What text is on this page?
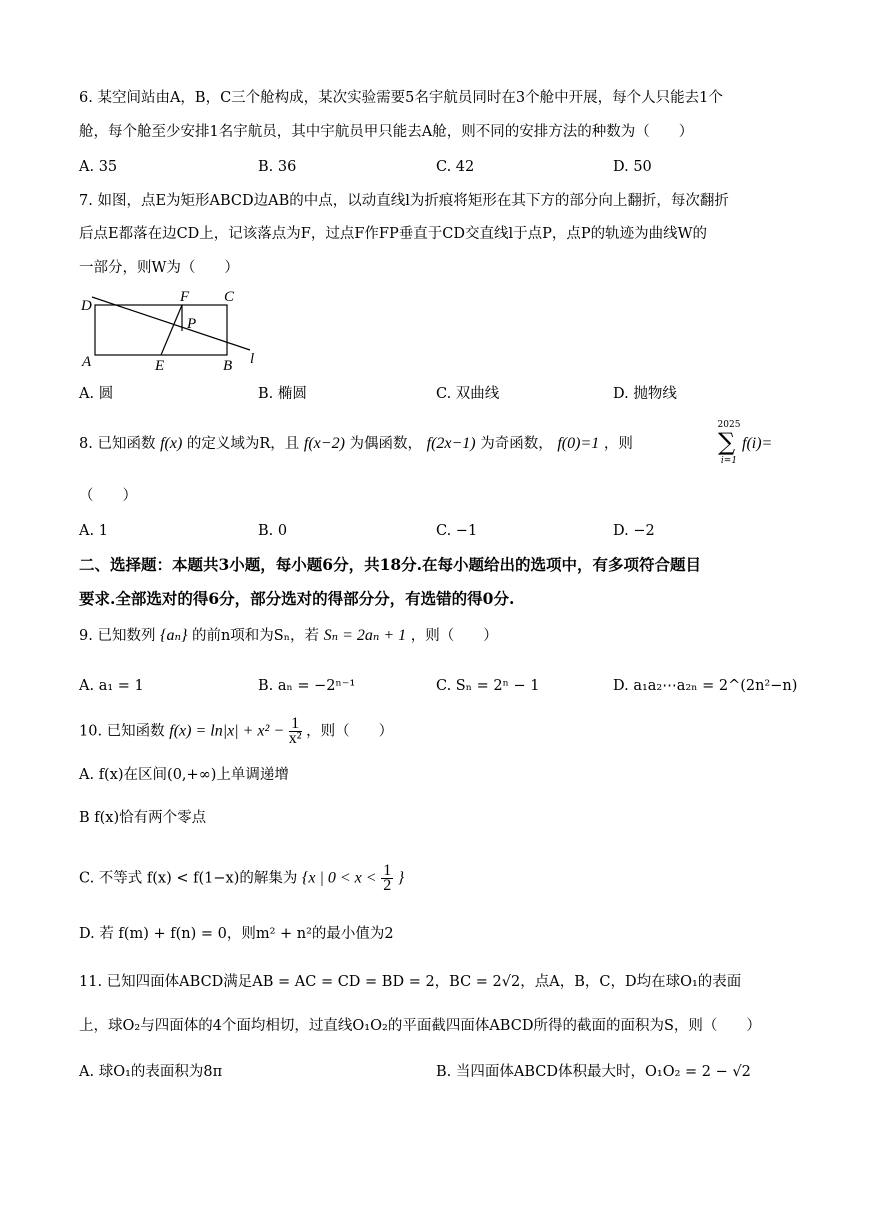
6. 某空间站由A，B，C三个舱构成，某次实验需要5名宇航员同时在3个舱中开展，每个人只能去1个
舱，每个舱至少安排1名宇航员，其中宇航员甲只能去A舱，则不同的安排方法的种数为（　　）
A. 35	B. 36	C. 42	D. 50
7. 如图，点E为矩形ABCD边AB的中点，以动直线l为折痕将矩形在其下方的部分向上翻折，每次翻折
后点E都落在边CD上，记该落点为F，过点F作FP垂直于CD交直线l于点P，点P的轨迹为曲线W的
一部分，则W为（　　）
D
F C
P
A	E	B l
A. 圆	B. 椭圆	C. 双曲线	D. 抛物线
8. 已知函数 f(x) 的定义域为R，且 f(x−2) 为偶函数， f(2x−1) 为奇函数， f(0)=1 ，则
2025
∑
i=1
f(i)=
（　　）
A. 1	B. 0	C. −1	D. −2
二、选择题：本题共3小题，每小题6分，共18分.在每小题给出的选项中，有多项符合题目
要求.全部选对的得6分，部分选对的得部分分，有选错的得0分.
9. 已知数列 {aₙ} 的前n项和为Sₙ，若 Sₙ = 2aₙ + 1 ，则（　　）
A. a₁ = 1	B. aₙ = −2ⁿ⁻¹	C. Sₙ = 2ⁿ − 1	D. a₁a₂⋯a₂ₙ = 2^(2n²−n)
10. 已知函数 $f(x) = \ln|x| + x^2 - \frac{1}{\text{x²}}$ ，则（　　）
A. f(x)在区间(0,+∞)上单调递增
B f(x)恰有两个零点
C. 不等式 f(x) < f(1−x)的解集为 {x | $0 < x < \frac{1}{2}$ }
D. 若 f(m) + f(n) = 0，则m² + n²的最小值为2
11. 已知四面体ABCD满足AB = AC = CD = BD = 2，BC = 2√2，点A，B，C，D均在球O₁的表面
上，球O₂与四面体的4个面均相切，过直线O₁O₂的平面截四面体ABCD所得的截面的面积为S，则（　　）
A. 球O₁的表面积为8π	B. 当四面体ABCD体积最大时，O₁O₂ = 2 − √2
